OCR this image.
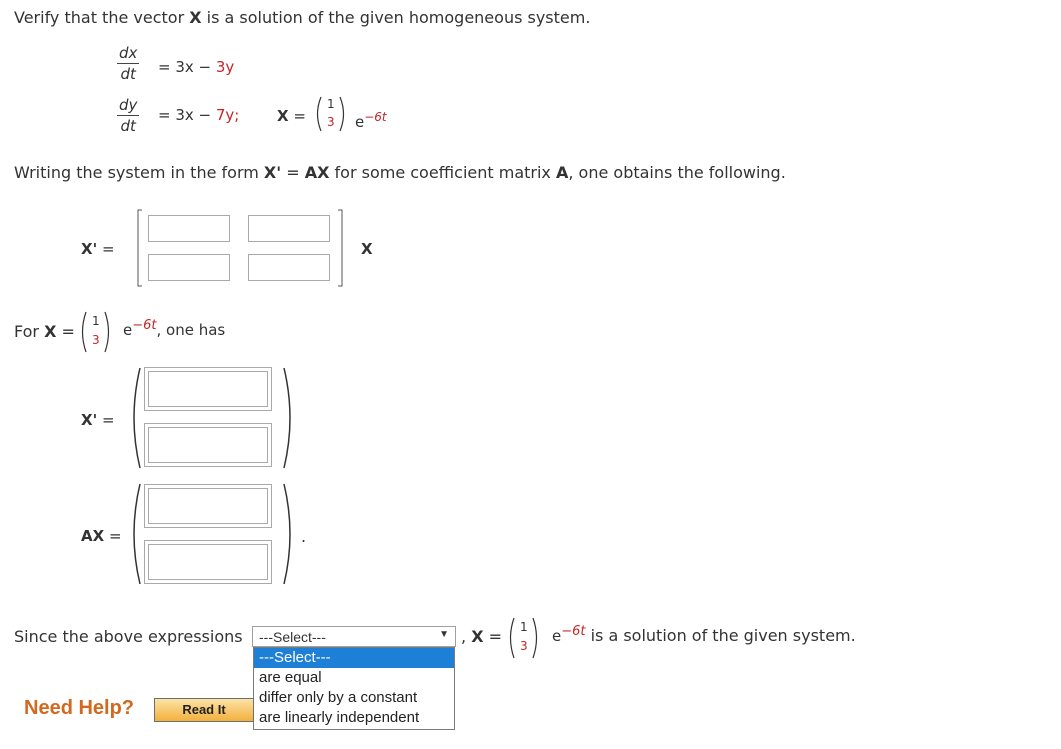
Verify that the vector X is a solution of the given homogeneous system.
dx
dt = 3x − 3y
dy
dt
= 3x − 7y;	X =
1
3 $e^{-6t}$
Writing the system in the form X' = AX for some coefficient matrix A, one obtains the following.
X' =	X
For X =
1
3
$e^{-6t}$, one has
X' =
AX =	.
Since the above expressions ---Select---	▼
---Select---
are equal
differ only by a constant
are linearly independent
, X = 1
3
$e^{-6t}$ is a solution of the given system.
Need Help?	Read It
